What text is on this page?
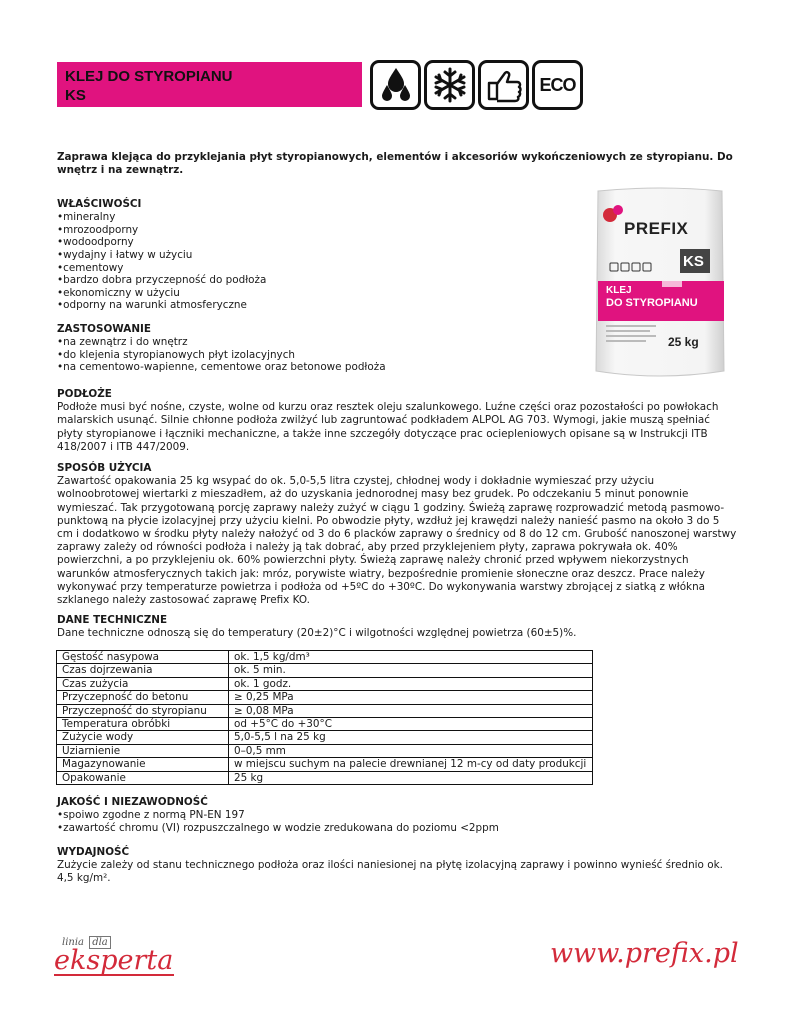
KLEJ DO STYROPIANU
KS
ECO
Zaprawa klejąca do przyklejania płyt styropianowych, elementów i akcesoriów wykończeniowych ze styropianu. Do wnętrz i na zewnątrz.
PREFIX
KS
KLEJ
DO STYROPIANU
25 kg
WŁAŚCIWOŚCI
• mineralny
• mrozoodporny
• wodoodporny
• wydajny i łatwy w użyciu
• cementowy
• bardzo dobra przyczepność do podłoża
• ekonomiczny w użyciu
• odporny na warunki atmosferyczne
ZASTOSOWANIE
• na zewnątrz i do wnętrz
• do klejenia styropianowych płyt izolacyjnych
• na cementowo-wapienne, cementowe oraz betonowe podłoża
PODŁOŻE
Podłoże musi być nośne, czyste, wolne od kurzu oraz resztek oleju szalunkowego. Luźne części oraz pozostałości po powłokach malarskich usunąć. Silnie chłonne podłoża zwilżyć lub zagruntować podkładem ALPOL AG 703. Wymogi, jakie muszą spełniać płyty styropianowe i łączniki mechaniczne, a także inne szczegóły dotyczące prac ociepleniowych opisane są w Instrukcji ITB 418/2007 i ITB 447/2009.
SPOSÓB UŻYCIA
Zawartość opakowania 25 kg wsypać do ok. 5,0-5,5 litra czystej, chłodnej wody i dokładnie wymieszać przy użyciu wolnoobrotowej wiertarki z mieszadłem, aż do uzyskania jednorodnej masy bez grudek. Po odczekaniu 5 minut ponownie wymieszać. Tak przygotowaną porcję zaprawy należy zużyć w ciągu 1 godziny. Świeżą zaprawę rozprowadzić metodą pasmowo-punktową na płycie izolacyjnej przy użyciu kielni. Po obwodzie płyty, wzdłuż jej krawędzi należy nanieść pasmo na około 3 do 5 cm i dodatkowo w środku płyty należy nałożyć od 3 do 6 placków zaprawy o średnicy od 8 do 12 cm. Grubość nanoszonej warstwy zaprawy zależy od równości podłoża i należy ją tak dobrać, aby przed przyklejeniem płyty, zaprawa pokrywała ok. 40% powierzchni, a po przyklejeniu ok. 60% powierzchni płyty. Świeżą zaprawę należy chronić przed wpływem niekorzystnych warunków atmosferycznych takich jak: mróz, porywiste wiatry, bezpośrednie promienie słoneczne oraz deszcz. Prace należy wykonywać przy temperaturze powietrza i podłoża od +5ºC do +30ºC. Do wykonywania warstwy zbrojącej z siatką z włókna szklanego należy zastosować zaprawę Prefix KO.
DANE TECHNICZNE
Dane techniczne odnoszą się do temperatury (20±2)°C i wilgotności względnej powietrza (60±5)%.
Gęstość nasypowa	ok. 1,5 kg/dm³
Czas dojrzewania	ok. 5 min.
Czas zużycia	ok. 1 godz.
Przyczepność do betonu	≥ 0,25 MPa
Przyczepność do styropianu	≥ 0,08 MPa
Temperatura obróbki	od +5°C do +30°C
Zużycie wody	5,0-5,5 l na 25 kg
Uziarnienie	0–0,5 mm
Magazynowanie	w miejscu suchym na palecie drewnianej 12 m-cy od daty produkcji
Opakowanie	25 kg
JAKOŚĆ I NIEZAWODNOŚĆ
• spoiwo zgodne z normą PN-EN 197
• zawartość chromu (VI) rozpuszczalnego w wodzie zredukowana do poziomu <2ppm
WYDAJNOŚĆ
Zużycie zależy od stanu technicznego podłoża oraz ilości naniesionej na płytę izolacyjną zaprawy i powinno wynieść średnio ok. 4,5 kg/m².
linia dla
eksperta	www.prefix.pl
